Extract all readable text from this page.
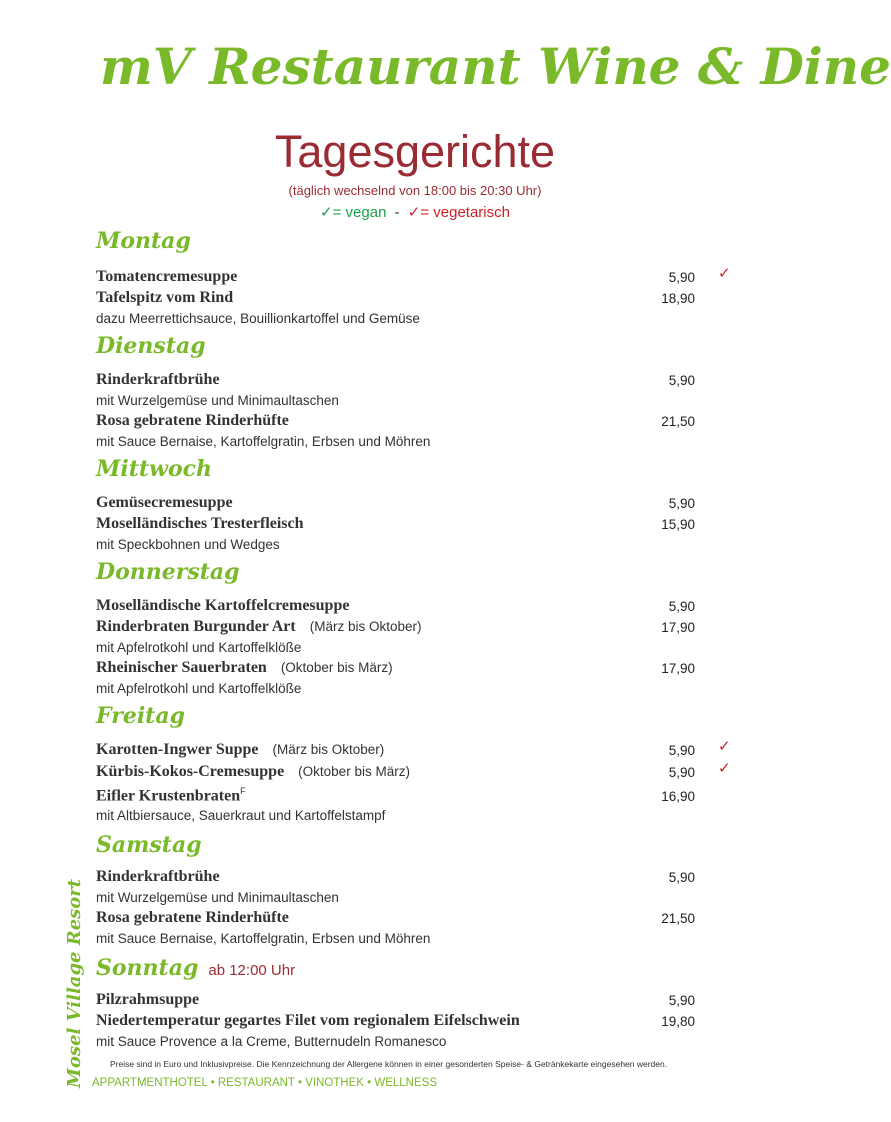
mV Restaurant Wine & Dine
Tagesgerichte
(täglich wechselnd von 18:00 bis 20:30 Uhr)
✓= vegan - ✓= vegetarisch
Montag
Tomatencremesuppe	5,90 ✓
Tafelspitz vom Rind	18,90
dazu Meerrettichsauce, Bouillionkartoffel und Gemüse
Dienstag
Rinderkraftbrühe	5,90
mit Wurzelgemüse und Minimaultaschen
Rosa gebratene Rinderhüfte	21,50
mit Sauce Bernaise, Kartoffelgratin, Erbsen und Möhren
Mittwoch
Gemüsecremesuppe	5,90
Moselländisches Tresterfleisch	15,90
mit Speckbohnen und Wedges
Donnerstag
Moselländische Kartoffelcremesuppe	5,90
Rinderbraten Burgunder Art (März bis Oktober)	17,90
mit Apfelrotkohl und Kartoffelklöße
Rheinischer Sauerbraten (Oktober bis März)	17,90
mit Apfelrotkohl und Kartoffelklöße
Freitag
Karotten-Ingwer Suppe (März bis Oktober)	5,90 ✓
Kürbis-Kokos-Cremesuppe (Oktober bis März)	5,90 ✓
Eifler Krustenbraten$^F$	16,90
mit Altbiersauce, Sauerkraut und Kartoffelstampf
Samstag
Rinderkraftbrühe	5,90
mit Wurzelgemüse und Minimaultaschen
Rosa gebratene Rinderhüfte	21,50
mit Sauce Bernaise, Kartoffelgratin, Erbsen und Möhren
Sonntag ab 12:00 Uhr
Pilzrahmsuppe	5,90
Niedertemperatur gegartes Filet vom regionalem Eifelschwein	19,80
mit Sauce Provence a la Creme, Butternudeln Romanesco
Mosel Village Resort	Preise sind in Euro und Inklusivpreise. Die Kennzeichnung der Allergene können in einer gesonderten Speise- & Getränkekarte eingesehen werden.
APPARTMENTHOTEL • RESTAURANT • VINOTHEK • WELLNESS
